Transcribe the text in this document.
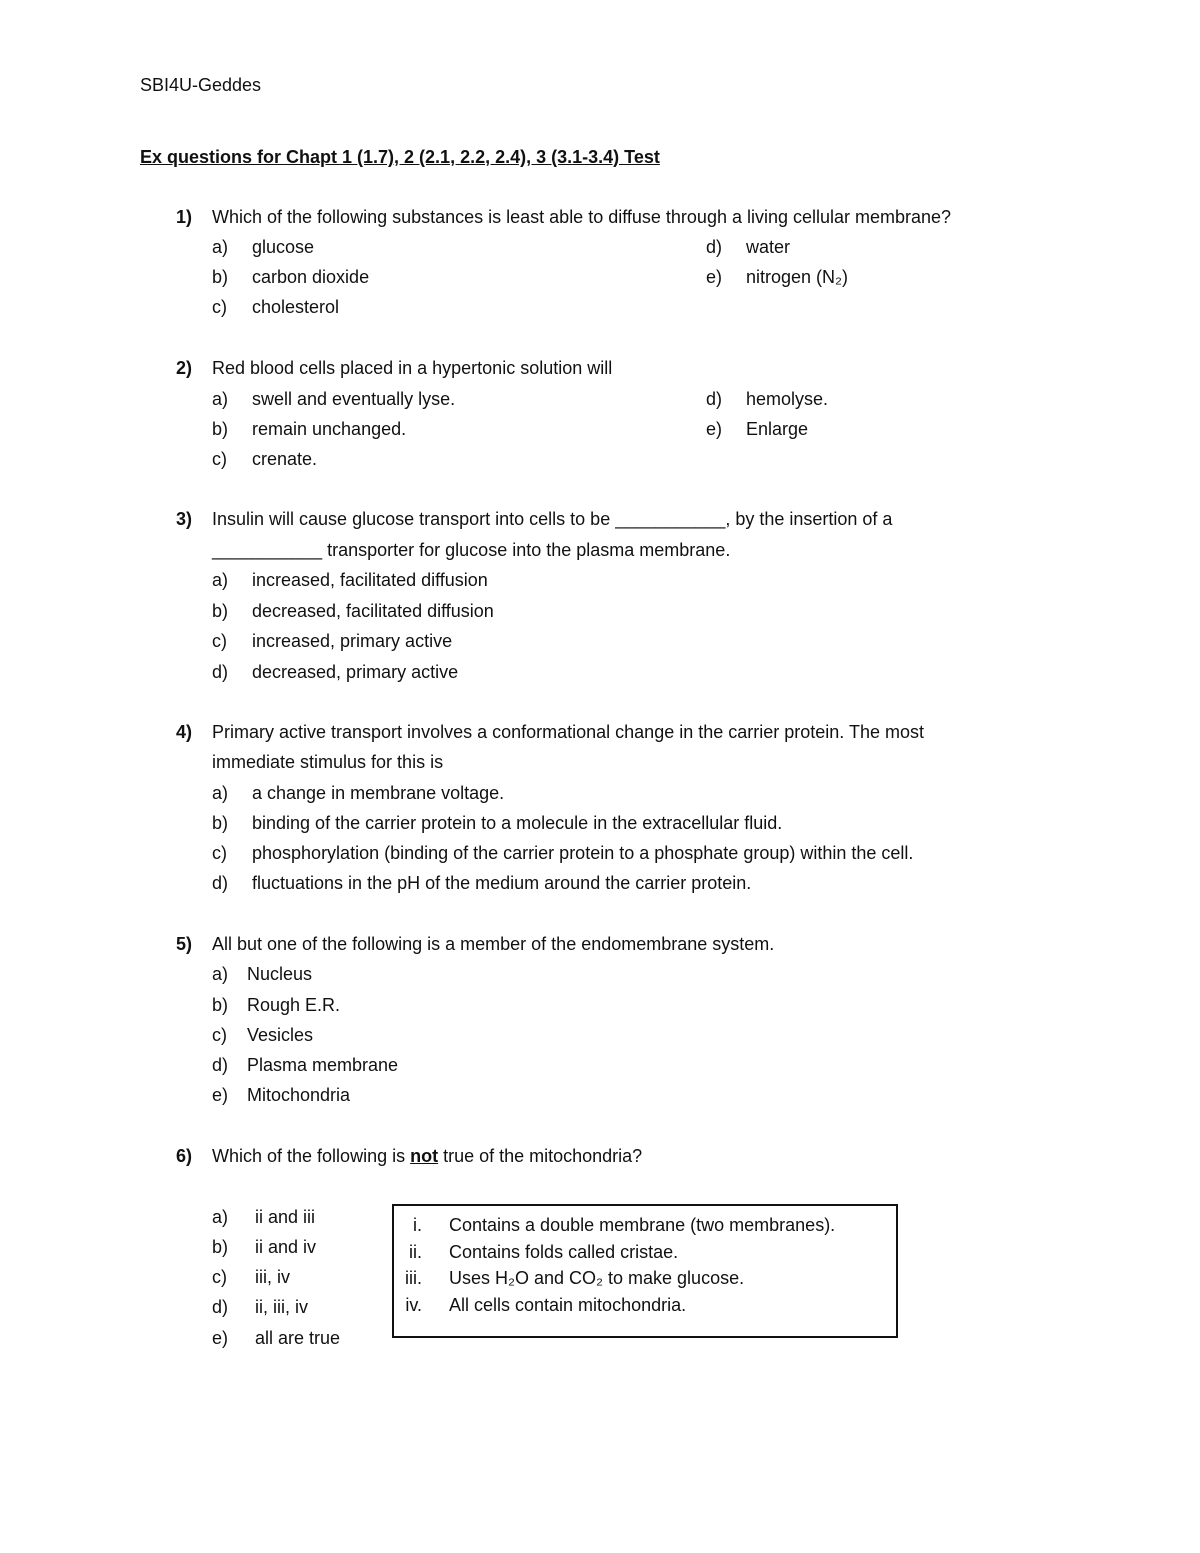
SBI4U-Geddes
Ex questions for Chapt 1 (1.7), 2 (2.1, 2.2, 2.4), 3 (3.1-3.4) Test
1) Which of the following substances is least able to diffuse through a living cellular membrane?
a) glucose
b) carbon dioxide
c) cholesterol
d) water
e) nitrogen (N₂)
2) Red blood cells placed in a hypertonic solution will
a) swell and eventually lyse.
b) remain unchanged.
c) crenate.
d) hemolyse.
e) Enlarge
3) Insulin will cause glucose transport into cells to be ___________, by the insertion of a
___________ transporter for glucose into the plasma membrane.
a) increased, facilitated diffusion
b) decreased, facilitated diffusion
c) increased, primary active
d) decreased, primary active
4) Primary active transport involves a conformational change in the carrier protein. The most
immediate stimulus for this is
a) a change in membrane voltage.
b) binding of the carrier protein to a molecule in the extracellular fluid.
c) phosphorylation (binding of the carrier protein to a phosphate group) within the cell.
d) fluctuations in the pH of the medium around the carrier protein.
5) All but one of the following is a member of the endomembrane system.
a) Nucleus
b) Rough E.R.
c) Vesicles
d) Plasma membrane
e) Mitochondria
6) Which of the following is not true of the mitochondria?
a) ii and iii
b) ii and iv
c) iii, iv
d) ii, iii, iv
e) all are true
i. Contains a double membrane (two membranes).
ii. Contains folds called cristae.
iii. Uses H₂O and CO₂ to make glucose.
iv. All cells contain mitochondria.
